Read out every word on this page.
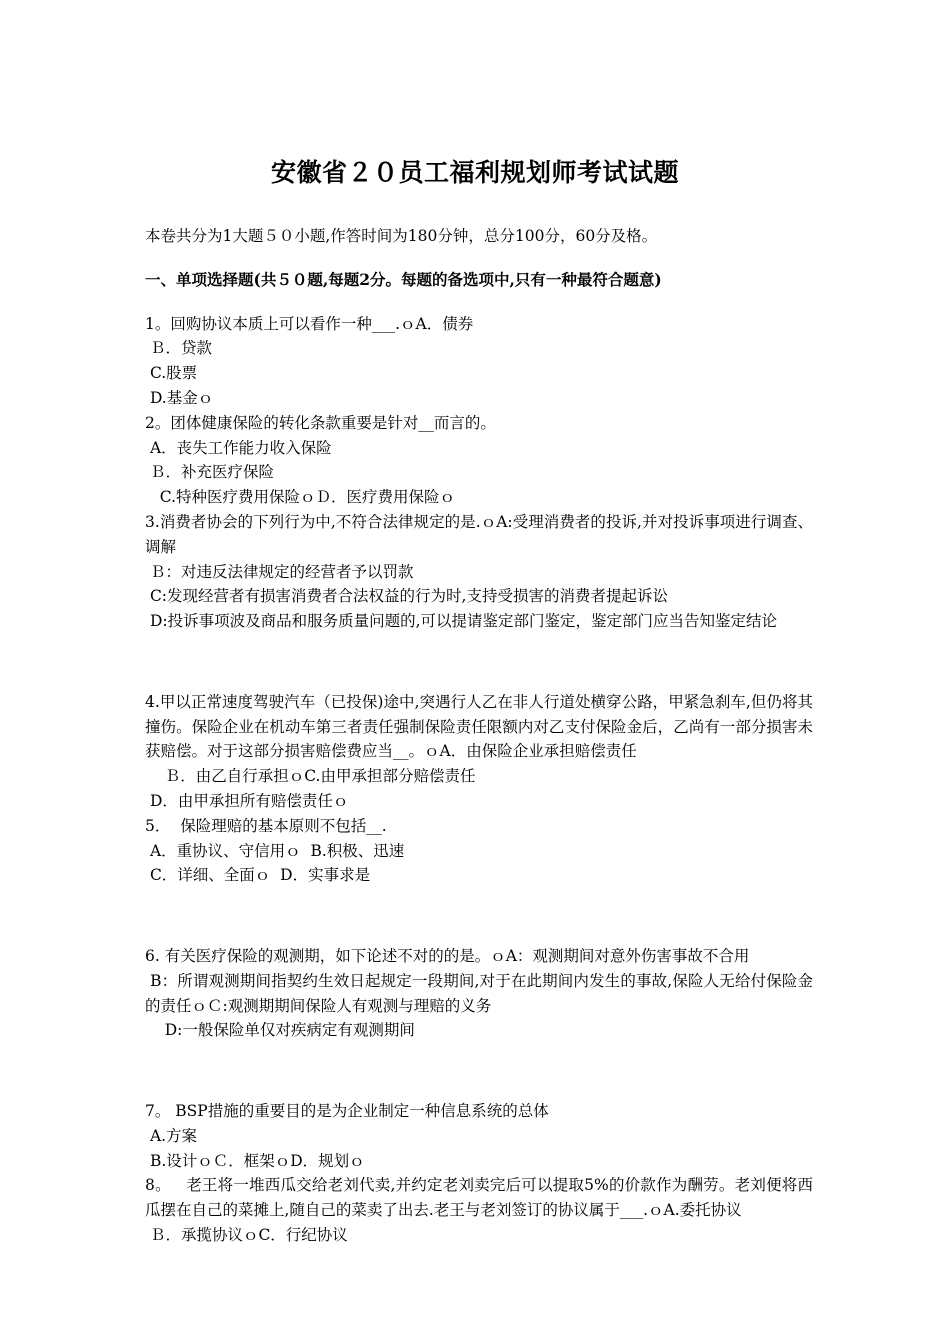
安徽省２０员工福利规划师考试试题

本卷共分为1大题５０小题,作答时间为180分钟，总分100分，60分及格。

一、单项选择题(共５０题,每题2分。每题的备选项中,只有一种最符合题意)

1。回购协议本质上可以看作一种___.ｏA．债券

Ｂ．贷款

C.股票

D.基金ｏ

2。团体健康保险的转化条款重要是针对__而言的。

A．丧失工作能力收入保险

Ｂ．补充医疗保险

C.特种医疗费用保险ｏＤ．医疗费用保险ｏ

3.消费者协会的下列行为中,不符合法律规定的是.ｏA:受理消费者的投诉,并对投诉事项进行调查、调解

Ｂ：对违反法律规定的经营者予以罚款

C:发现经营者有损害消费者合法权益的行为时,支持受损害的消费者提起诉讼

D:投诉事项波及商品和服务质量问题的,可以提请鉴定部门鉴定，鉴定部门应当告知鉴定结论

4.甲以正常速度驾驶汽车（已投保)途中,突遇行人乙在非人行道处横穿公路，甲紧急刹车,但仍将其撞伤。保险企业在机动车第三者责任强制保险责任限额内对乙支付保险金后，乙尚有一部分损害未获赔偿。对于这部分损害赔偿费应当__。ｏA．由保险企业承担赔偿责任

Ｂ．由乙自行承担ｏC.由甲承担部分赔偿责任

D．由甲承担所有赔偿责任ｏ

5．  保险理赔的基本原则不包括__.

A．重协议、守信用ｏ  B.积极、迅速

C．详细、全面ｏ  D．实事求是

6. 有关医疗保险的观测期，如下论述不对的的是。ｏA：观测期间对意外伤害事故不合用

B：所谓观测期间指契约生效日起规定一段期间,对于在此期间内发生的事故,保险人无给付保险金的责任ｏＣ:观测期期间保险人有观测与理赔的义务

D:一般保险单仅对疾病定有观测期间

7。 BSP措施的重要目的是为企业制定一种信息系统的总体

A.方案

B.设计ｏＣ．框架ｏD．规划ｏ

8。   老王将一堆西瓜交给老刘代卖,并约定老刘卖完后可以提取5%的价款作为酬劳。老刘便将西瓜摆在自己的菜摊上,随自己的菜卖了出去.老王与老刘签订的协议属于___.ｏA.委托协议

Ｂ．承揽协议ｏC．行纪协议
